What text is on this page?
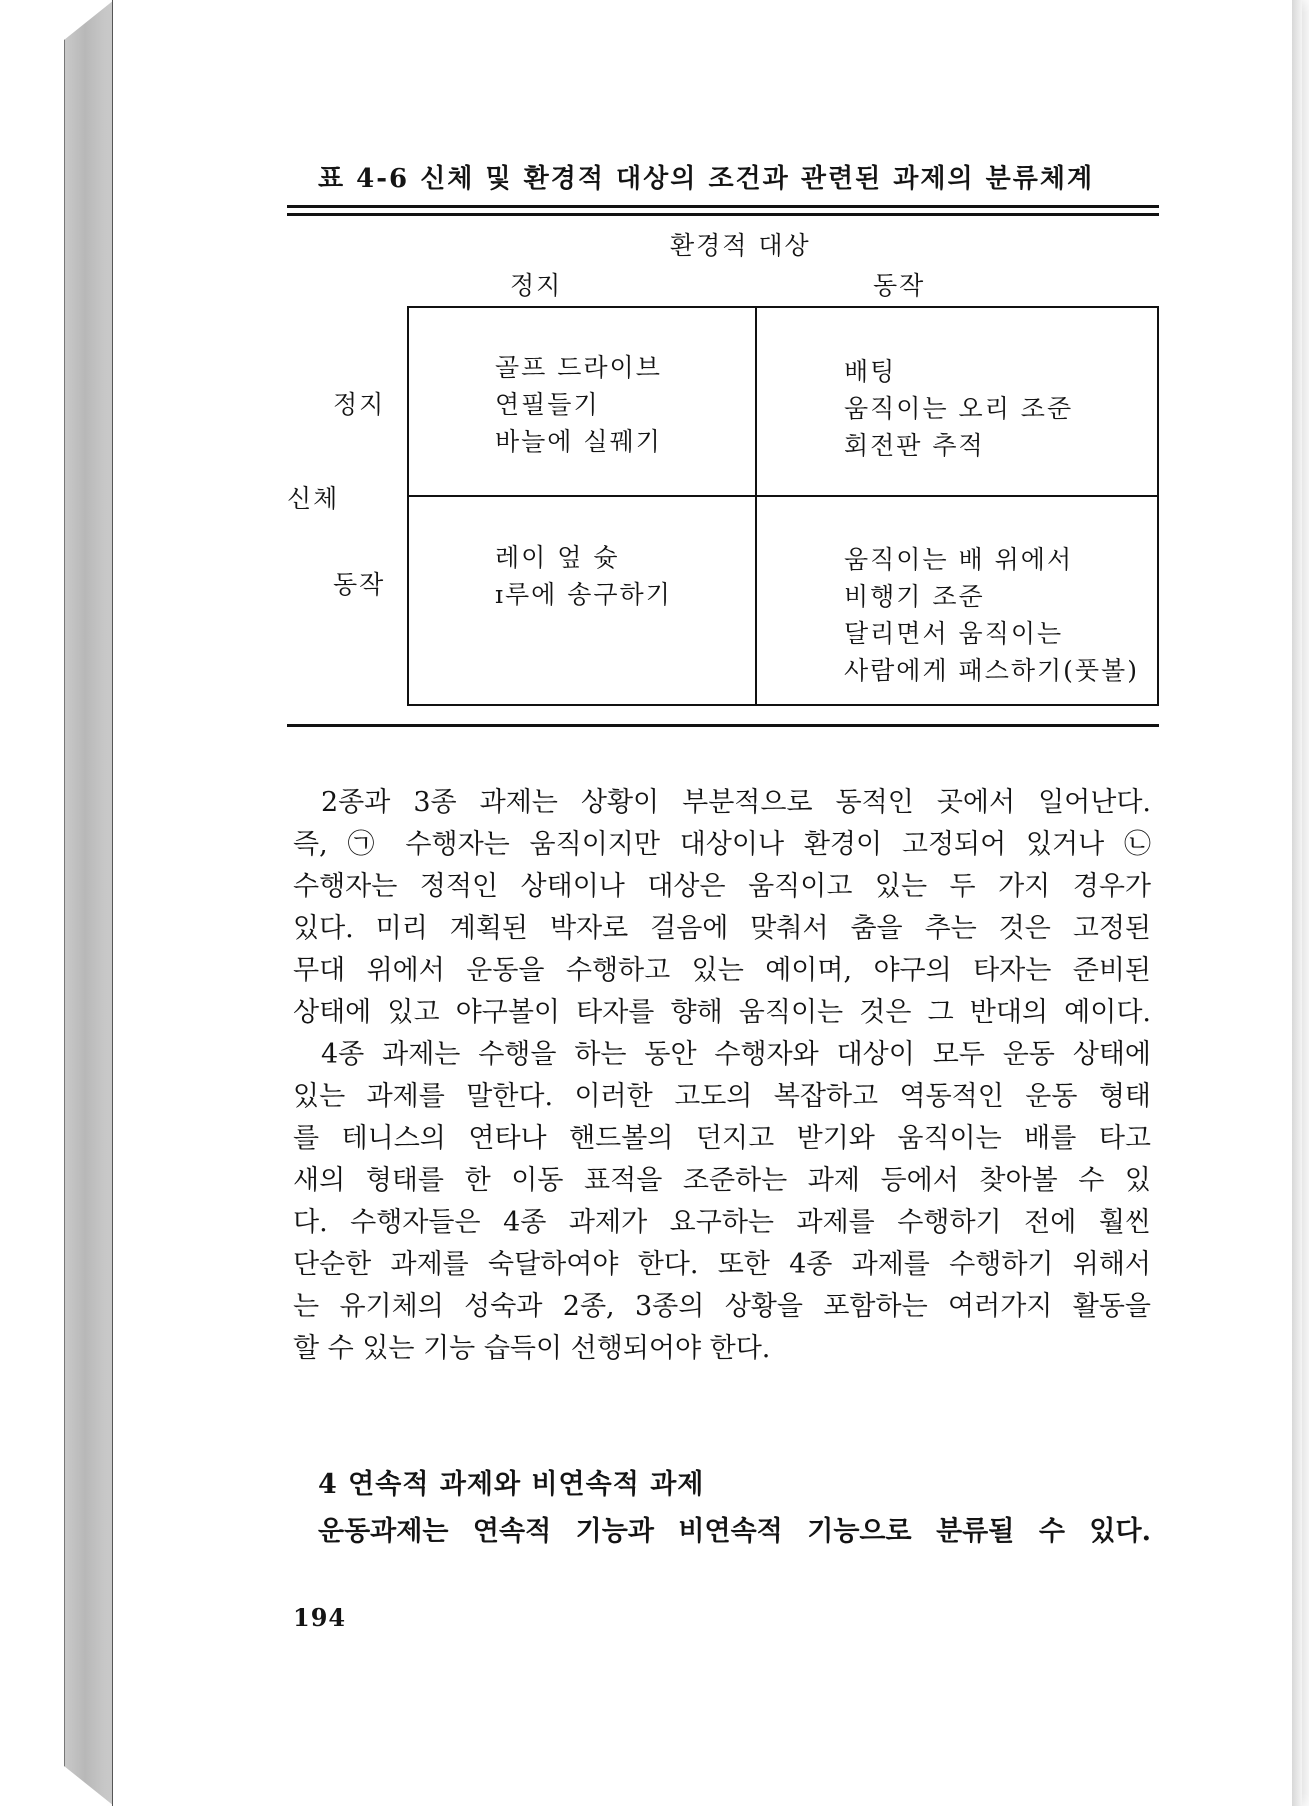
표 4-6 신체 및 환경적 대상의 조건과 관련된 과제의 분류체계
환경적 대상
정지	동작
정지
신체
동작
골프 드라이브
연필들기
바늘에 실꿰기
배팅
움직이는 오리 조준
회전판 추적
레이 엎 슛
ɪ루에 송구하기
움직이는 배 위에서
비행기 조준
달리면서 움직이는
사람에게 패스하기(풋볼)
2종과 3종 과제는 상황이 부분적으로 동적인 곳에서 일어난다.
즉, ㉠ 수행자는 움직이지만 대상이나 환경이 고정되어 있거나 ㉡
수행자는 정적인 상태이나 대상은 움직이고 있는 두 가지 경우가
있다. 미리 계획된 박자로 걸음에 맞춰서 춤을 추는 것은 고정된
무대 위에서 운동을 수행하고 있는 예이며, 야구의 타자는 준비된
상태에 있고 야구볼이 타자를 향해 움직이는 것은 그 반대의 예이다.
4종 과제는 수행을 하는 동안 수행자와 대상이 모두 운동 상태에
있는 과제를 말한다. 이러한 고도의 복잡하고 역동적인 운동 형태
를 테니스의 연타나 핸드볼의 던지고 받기와 움직이는 배를 타고
새의 형태를 한 이동 표적을 조준하는 과제 등에서 찾아볼 수 있
다. 수행자들은 4종 과제가 요구하는 과제를 수행하기 전에 훨씬
단순한 과제를 숙달하여야 한다. 또한 4종 과제를 수행하기 위해서
는 유기체의 성숙과 2종, 3종의 상황을 포함하는 여러가지 활동을
할 수 있는 기능 습득이 선행되어야 한다.
4 연속적 과제와 비연속적 과제
운동과제는 연속적 기능과 비연속적 기능으로 분류될 수 있다.
194
